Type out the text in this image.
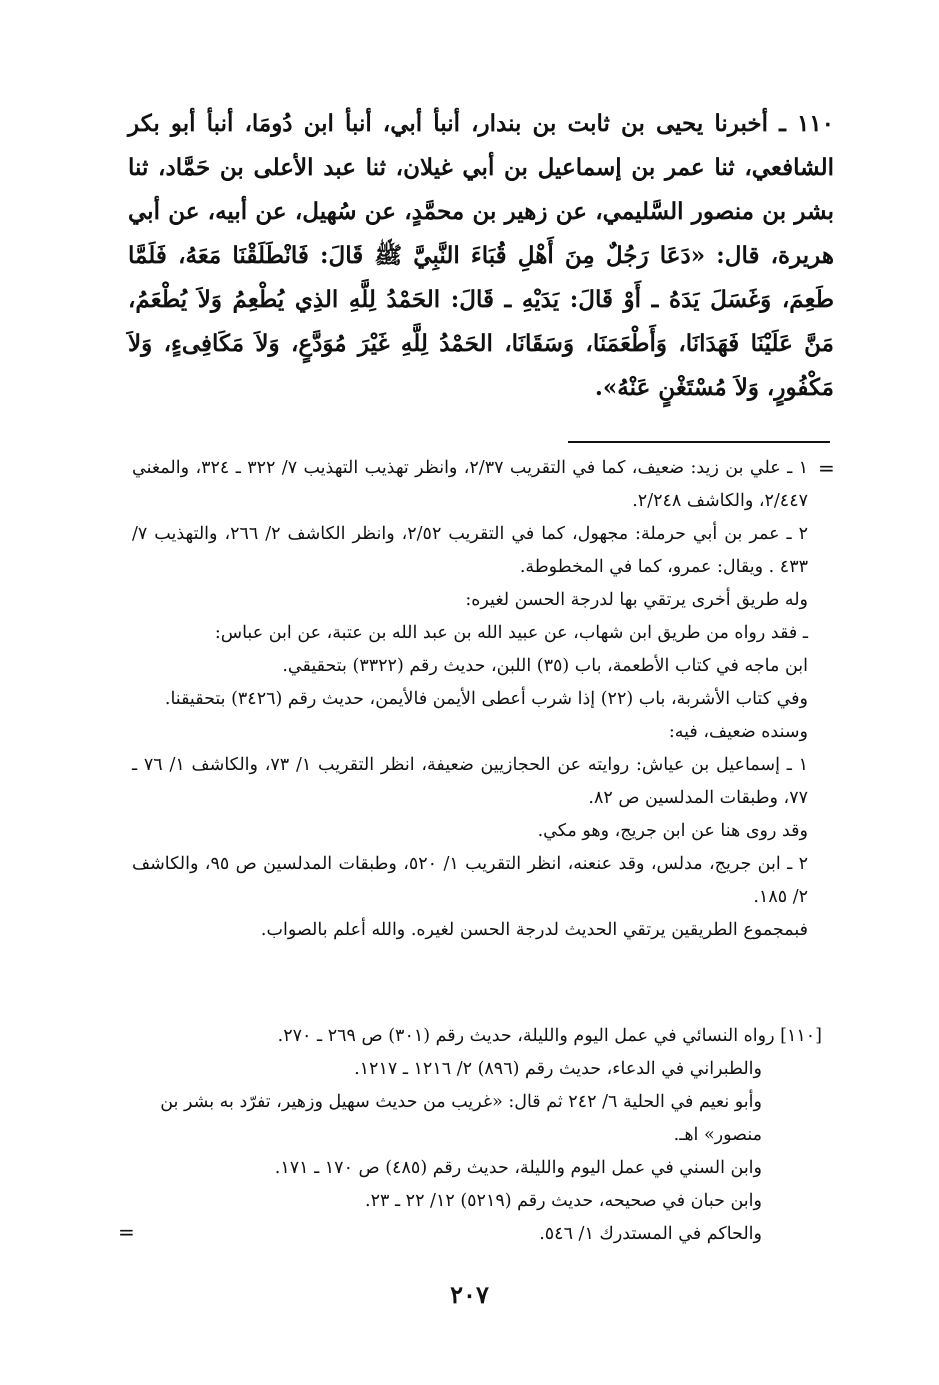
١١٠ ـ أخبرنا يحيى بن ثابت بن بندار، أنبأ أبي، أنبأ ابن دُومَا، أنبأ أبو بكر الشافعي، ثنا عمر بن إسماعيل بن أبي غيلان، ثنا عبد الأعلى بن حَمَّاد، ثنا بشر بن منصور السَّليمي، عن زهير بن محمَّدٍ، عن سُهيل، عن أبيه، عن أبي هريرة، قال: «دَعَا رَجُلٌ مِنَ أَهْلِ قُبَاءَ النَّبِيَّ ﷺ قَالَ: فَانْطَلَقْنَا مَعَهُ، فَلَمَّا طَعِمَ، وَغَسَلَ يَدَهُ ـ أَوْ قَالَ: يَدَيْهِ ـ قَالَ: الحَمْدُ لِلَّهِ الذِي يُطْعِمُ وَلاَ يُطْعَمُ، مَنَّ عَلَيْنَا فَهَدَانَا، وَأَطْعَمَنَا، وَسَقَانَا، الحَمْدُ لِلَّهِ غَيْرَ مُوَدَّعٍ، وَلاَ مَكَافِىءٍ، وَلاَ مَكْفُورٍ، وَلاَ مُسْتَغْنٍ عَنْهُ».

=

١ ـ علي بن زيد: ضعيف، كما في التقريب ٢/٣٧، وانظر تهذيب التهذيب ٧/ ٣٢٢ ـ ٣٢٤، والمغني ٢/٤٤٧، والكاشف ٢/٢٤٨.

٢ ـ عمر بن أبي حرملة: مجهول، كما في التقريب ٢/٥٢، وانظر الكاشف ٢/ ٢٦٦، والتهذيب ٧/ ٤٣٣ . ويقال: عمرو، كما في المخطوطة.

وله طريق أخرى يرتقي بها لدرجة الحسن لغيره:

ـ فقد رواه من طريق ابن شهاب، عن عبيد الله بن عبد الله بن عتبة، عن ابن عباس:

ابن ماجه في كتاب الأطعمة، باب (٣٥) اللبن، حديث رقم (٣٣٢٢) بتحقيقي.

وفي كتاب الأشربة، باب (٢٢) إذا شرب أعطى الأيمن فالأيمن، حديث رقم (٣٤٢٦) بتحقيقنا.

وسنده ضعيف، فيه:

١ ـ إسماعيل بن عياش: روايته عن الحجازيين ضعيفة، انظر التقريب ١/ ٧٣، والكاشف ١/ ٧٦ ـ ٧٧، وطبقات المدلسين ص ٨٢.

وقد روى هنا عن ابن جريج، وهو مكي.

٢ ـ ابن جريج، مدلس، وقد عنعنه، انظر التقريب ١/ ٥٢٠، وطبقات المدلسين ص ٩٥، والكاشف ٢/ ١٨٥.

فبمجموع الطريقين يرتقي الحديث لدرجة الحسن لغيره. والله أعلم بالصواب.

[١١٠] رواه النسائي في عمل اليوم والليلة، حديث رقم (٣٠١) ص ٢٦٩ ـ ٢٧٠.

والطبراني في الدعاء، حديث رقم (٨٩٦) ٢/ ١٢١٦ ـ ١٢١٧.

وأبو نعيم في الحلية ٦/ ٢٤٢ ثم قال: «غريب من حديث سهيل وزهير، تفرّد به بشر بن منصور» اهـ.

وابن السني في عمل اليوم والليلة، حديث رقم (٤٨٥) ص ١٧٠ ـ ١٧١.

وابن حبان في صحيحه، حديث رقم (٥٢١٩) ١٢/ ٢٢ ـ ٢٣.

والحاكم في المستدرك ١/ ٥٤٦.

=
٢٠٧
